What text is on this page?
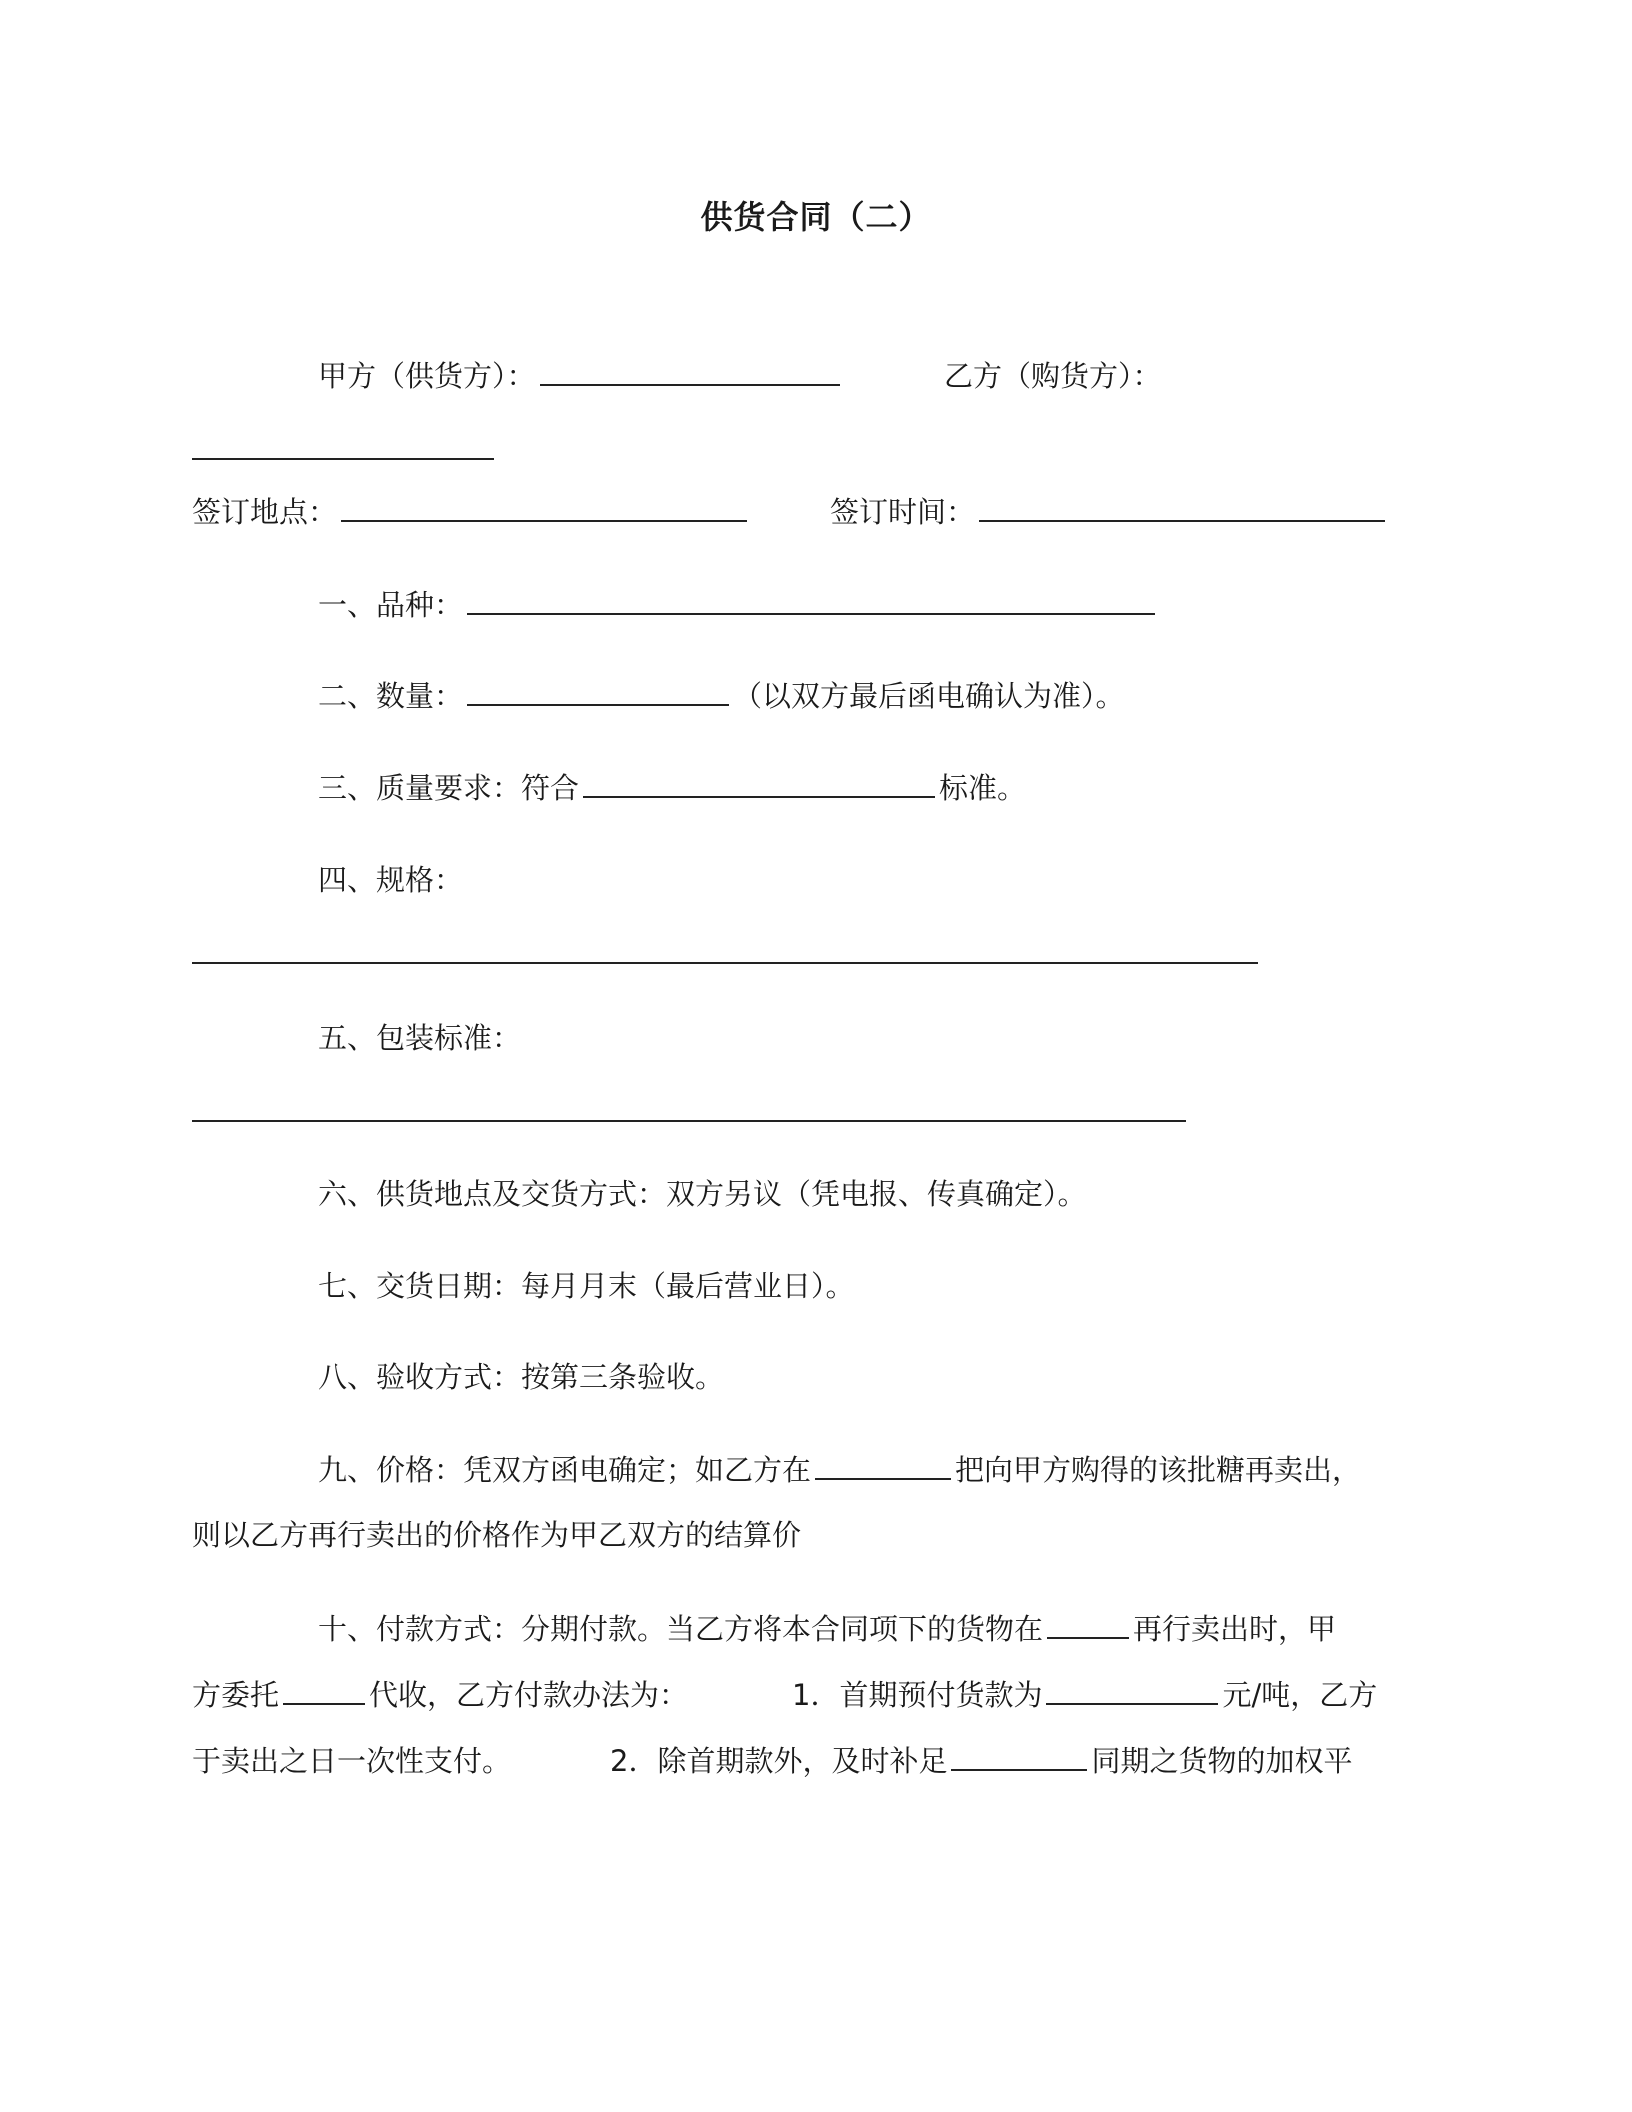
供货合同（二）
甲方（供货方）：	乙方（购货方）：
签订地点：	签订时间：
一、品种：
二、数量：	（以双方最后函电确认为准）。
三、质量要求：符合	标准。
四、规格：
五、包装标准：
六、供货地点及交货方式：双方另议（凭电报、传真确定）。
七、交货日期：每月月末（最后营业日）。
八、验收方式：按第三条验收。
九、价格：凭双方函电确定；如乙方在	把向甲方购得的该批糖再卖出，
则以乙方再行卖出的价格作为甲乙双方的结算价
十、付款方式：分期付款。当乙方将本合同项下的货物在	再行卖出时，甲
方委托	代收，乙方付款办法为：	1．首期预付货款为	元/吨，乙方
于卖出之日一次性支付。	2．除首期款外，及时补足	同期之货物的加权平
